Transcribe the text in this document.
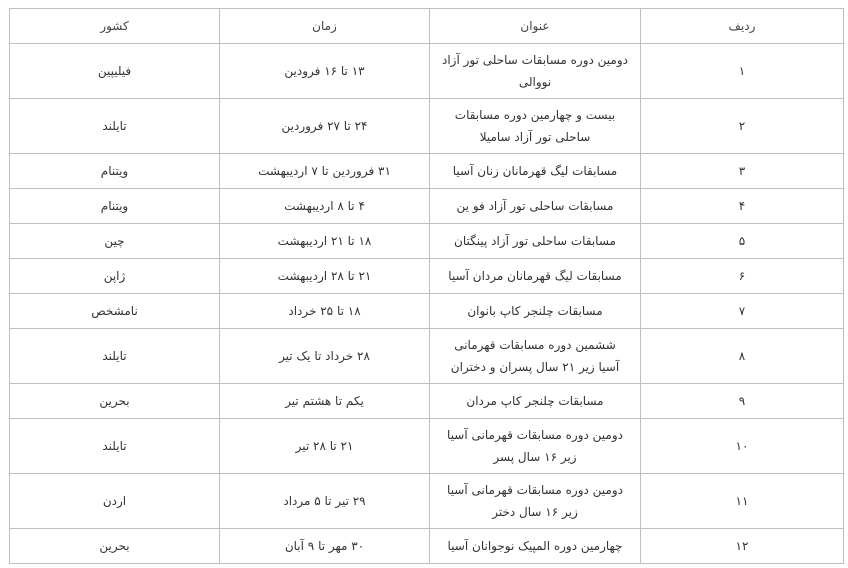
ردیف	عنوان	زمان	کشور
۱	دومین دوره مسابقات ساحلی تور آزاد نووالی	۱۳ تا ۱۶ فرودین	فیلیپین
۲	بیست و چهارمین دوره مسابقات ساحلی تور آزاد ساميلا	۲۴ تا ۲۷ فروردین	تایلند
۳	مسابقات لیگ قهرمانان زنان آسیا	۳۱ فروردین تا ۷ اردیبهشت	ویتنام
۴	مسابقات ساحلی تور آزاد فو ین	۴ تا ۸ اردیبهشت	ویتنام
۵	مسابقات ساحلی تور آزاد پینگتان	۱۸ تا ۲۱ اردیبهشت	چین
۶	مسابقات لیگ قهرمانان مردان آسیا	۲۱ تا ۲۸ اردیبهشت	ژاپن
۷	مسابقات چلنجر کاپ بانوان	۱۸ تا ۲۵ خرداد	نامشخص
۸	ششمین دوره مسابقات قهرمانی آسیا زیر ۲۱ سال پسران و دختران	۲۸ خرداد تا یک تیر	تایلند
۹	مسابقات چلنجر کاپ مردان	یکم تا هشتم تیر	بحرین
۱۰	دومین دوره مسابقات قهرمانی آسیا زیر ۱۶ سال پسر	۲۱ تا ۲۸ تیر	تایلند
۱۱	دومین دوره مسابقات قهرمانی آسیا زیر ۱۶ سال دختر	۲۹ تیر تا ۵ مرداد	اردن
۱۲	چهارمین دوره المپیک نوجوانان آسیا	۳۰ مهر تا ۹ آبان	بحرین
